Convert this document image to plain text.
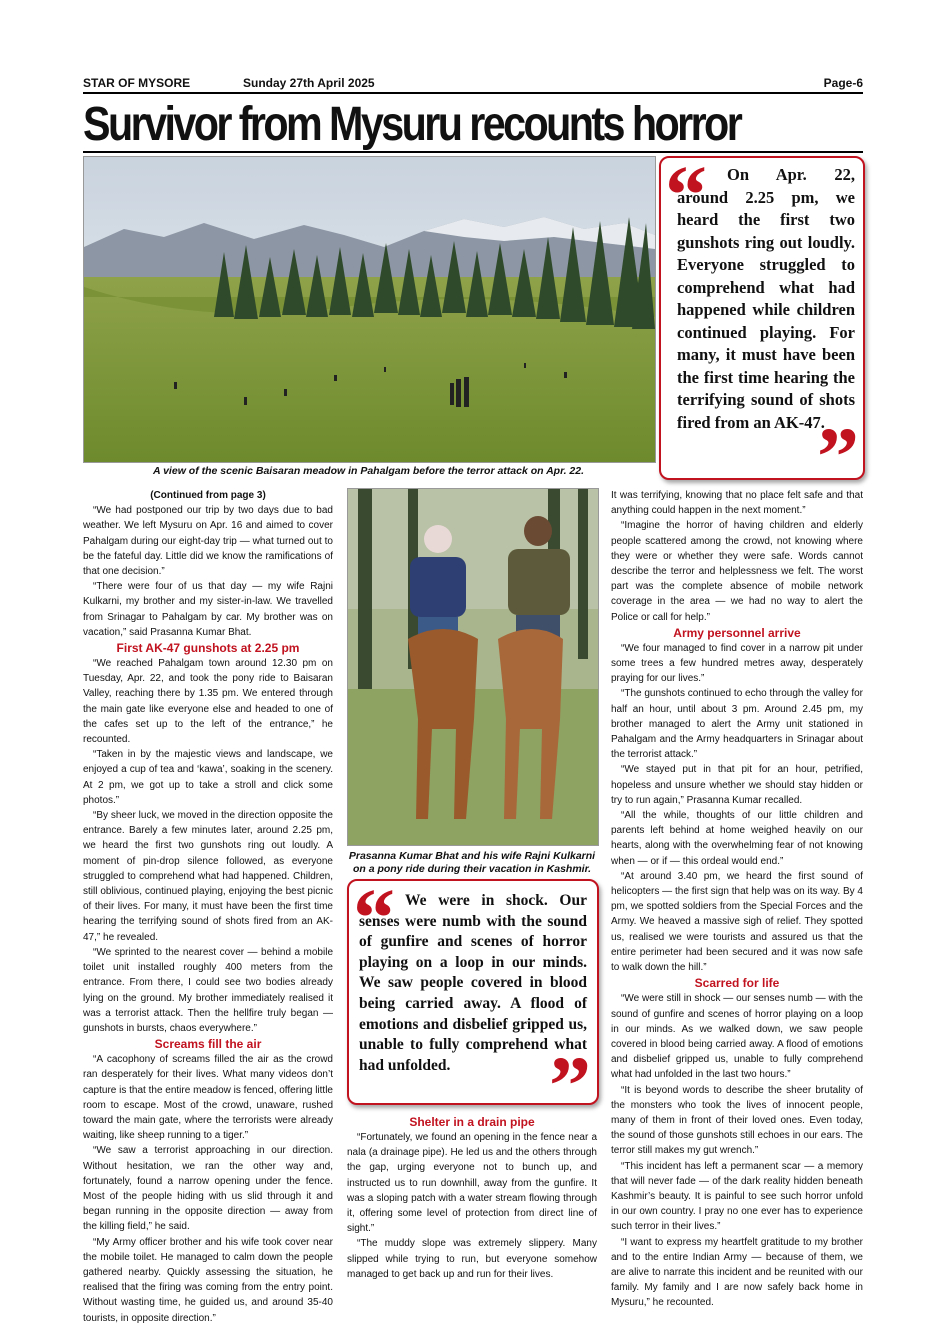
STAR OF MYSORE	Sunday 27th April 2025	Page-6
Survivor from Mysuru recounts horror
A view of the scenic Baisaran meadow in Pahalgam before the terror attack on Apr. 22.
“	On Apr. 22, around 2.25 pm, we heard the first two gunshots ring out loudly. Everyone struggled to comprehend what had happened while children continued playing. For many, it must have been the first time hearing the terrifying sound of shots fired from an AK-47.
”
Prasanna Kumar Bhat and his wife Rajni Kulkarni on a pony ride during their vacation in Kashmir.
“ We were in shock. Our senses were numb with the sound of gunfire and scenes of horror playing on a loop in our minds. We saw people covered in blood being carried away. A flood of emotions and disbelief gripped us, unable to fully comprehend what had unfolded.	”

(Continued from page 3)

“We had postponed our trip by two days due to bad weather. We left Mysuru on Apr. 16 and aimed to cover Pahalgam during our eight-day trip — what turned out to be the fateful day. Little did we know the ramifications of that one decision.”

“There were four of us that day — my wife Rajni Kulkarni, my brother and my sister-in-law. We travelled from Srinagar to Pahalgam by car. My brother was on vacation,” said Prasanna Kumar Bhat.

First AK-47 gunshots at 2.25 pm

“We reached Pahalgam town around 12.30 pm on Tuesday, Apr. 22, and took the pony ride to Baisaran Valley, reaching there by 1.35 pm. We entered through the main gate like everyone else and headed to one of the cafes set up to the left of the entrance,” he recounted.

“Taken in by the majestic views and landscape, we enjoyed a cup of tea and ‘kawa’, soaking in the scenery. At 2 pm, we got up to take a stroll and click some photos.”

“By sheer luck, we moved in the direction opposite the entrance. Barely a few minutes later, around 2.25 pm, we heard the first two gunshots ring out loudly. A moment of pin-drop silence followed, as everyone struggled to comprehend what had happened. Children, still oblivious, continued playing, enjoying the best picnic of their lives. For many, it must have been the first time hearing the terrifying sound of shots fired from an AK-47,” he revealed.

“We sprinted to the nearest cover — behind a mobile toilet unit installed roughly 400 meters from the entrance. From there, I could see two bodies already lying on the ground. My brother immediately realised it was a terrorist attack. Then the hellfire truly began — gunshots in bursts, chaos everywhere.”

Screams fill the air

“A cacophony of screams filled the air as the crowd ran desperately for their lives. What many videos don’t capture is that the entire meadow is fenced, offering little room to escape. Most of the crowd, unaware, rushed toward the main gate, where the terrorists were already waiting, like sheep running to a tiger.”

“We saw a terrorist approaching in our direction. Without hesitation, we ran the other way and, fortunately, found a narrow opening under the fence. Most of the people hiding with us slid through it and began running in the opposite direction — away from the killing field,” he said.

“My Army officer brother and his wife took cover near the mobile toilet. He managed to calm down the people gathered nearby. Quickly assessing the situation, he realised that the firing was coming from the entry point. Without wasting time, he guided us, and around 35-40 tourists, in opposite direction.”

Shelter in a drain pipe

“Fortunately, we found an opening in the fence near a nala (a drainage pipe). He led us and the others through the gap, urging everyone not to bunch up, and instructed us to run downhill, away from the gunfire. It was a sloping patch with a water stream flowing through it, offering some level of protection from direct line of sight.”

“The muddy slope was extremely slippery. Many slipped while trying to run, but everyone somehow managed to get back up and run for their lives.

It was terrifying, knowing that no place felt safe and that anything could happen in the next moment.”

“Imagine the horror of having children and elderly people scattered among the crowd, not knowing where they were or whether they were safe. Words cannot describe the terror and helplessness we felt. The worst part was the complete absence of mobile network coverage in the area — we had no way to alert the Police or call for help.”

Army personnel arrive

“We four managed to find cover in a narrow pit under some trees a few hundred metres away, desperately praying for our lives.”

“The gunshots continued to echo through the valley for half an hour, until about 3 pm. Around 2.45 pm, my brother managed to alert the Army unit stationed in Pahalgam and the Army headquarters in Srinagar about the terrorist attack.”

“We stayed put in that pit for an hour, petrified, hopeless and unsure whether we should stay hidden or try to run again,” Prasanna Kumar recalled.

“All the while, thoughts of our little children and parents left behind at home weighed heavily on our hearts, along with the overwhelming fear of not knowing when — or if — this ordeal would end.”

“At around 3.40 pm, we heard the first sound of helicopters — the first sign that help was on its way. By 4 pm, we spotted soldiers from the Special Forces and the Army. We heaved a massive sigh of relief. They spotted us, realised we were tourists and assured us that the entire perimeter had been secured and it was now safe to walk down the hill.”

Scarred for life

“We were still in shock — our senses numb — with the sound of gunfire and scenes of horror playing on a loop in our minds. As we walked down, we saw people covered in blood being carried away. A flood of emotions and disbelief gripped us, unable to fully comprehend what had unfolded in the last two hours.”

“It is beyond words to describe the sheer brutality of the monsters who took the lives of innocent people, many of them in front of their loved ones. Even today, the sound of those gunshots still echoes in our ears. The terror still makes my gut wrench.”

“This incident has left a permanent scar — a memory that will never fade — of the dark reality hidden beneath Kashmir’s beauty. It is painful to see such horror unfold in our own country. I pray no one ever has to experience such terror in their lives.”

“I want to express my heartfelt gratitude to my brother and to the entire Indian Army — because of them, we are alive to narrate this incident and be reunited with our family. My family and I are now safely back home in Mysuru,” he recounted.
